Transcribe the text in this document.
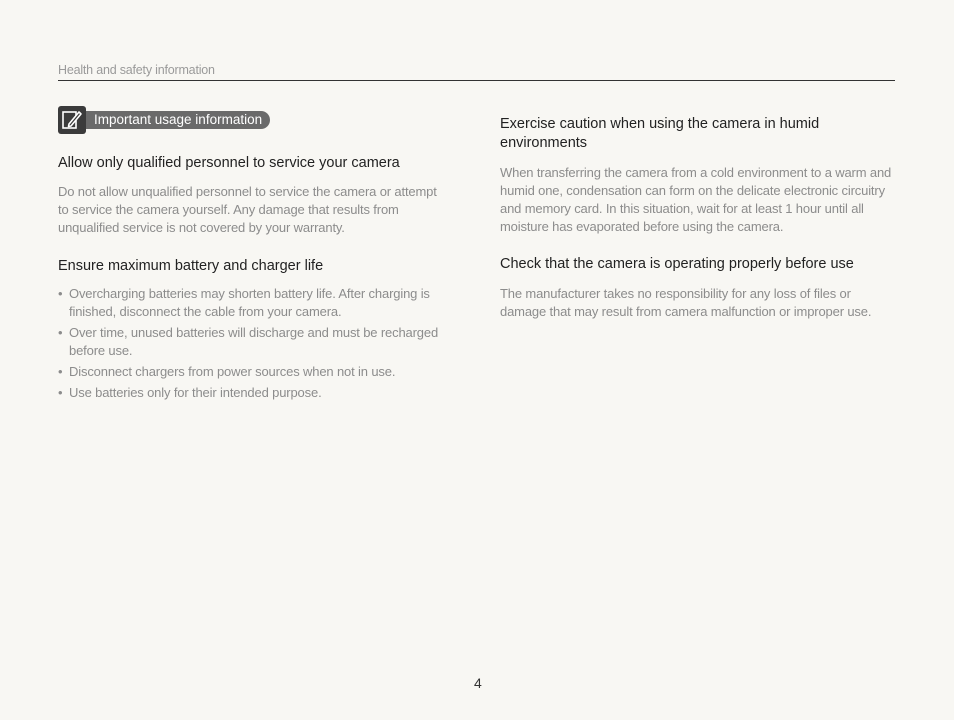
Health and safety information
Important usage information
Allow only qualified personnel to service your camera

Do not allow unqualified personnel to service the camera or attempt to service the camera yourself. Any damage that results from unqualified service is not covered by your warranty.

Ensure maximum battery and charger life
• Overcharging batteries may shorten battery life. After charging is finished, disconnect the cable from your camera.
• Over time, unused batteries will discharge and must be recharged before use.
• Disconnect chargers from power sources when not in use.
• Use batteries only for their intended purpose.
Exercise caution when using the camera in humid
environments

When transferring the camera from a cold environment to a warm and humid one, condensation can form on the delicate electronic circuitry and memory card. In this situation, wait for at least 1 hour until all moisture has evaporated before using the camera.

Check that the camera is operating properly before use

The manufacturer takes no responsibility for any loss of files or damage that may result from camera malfunction or improper use.

4
